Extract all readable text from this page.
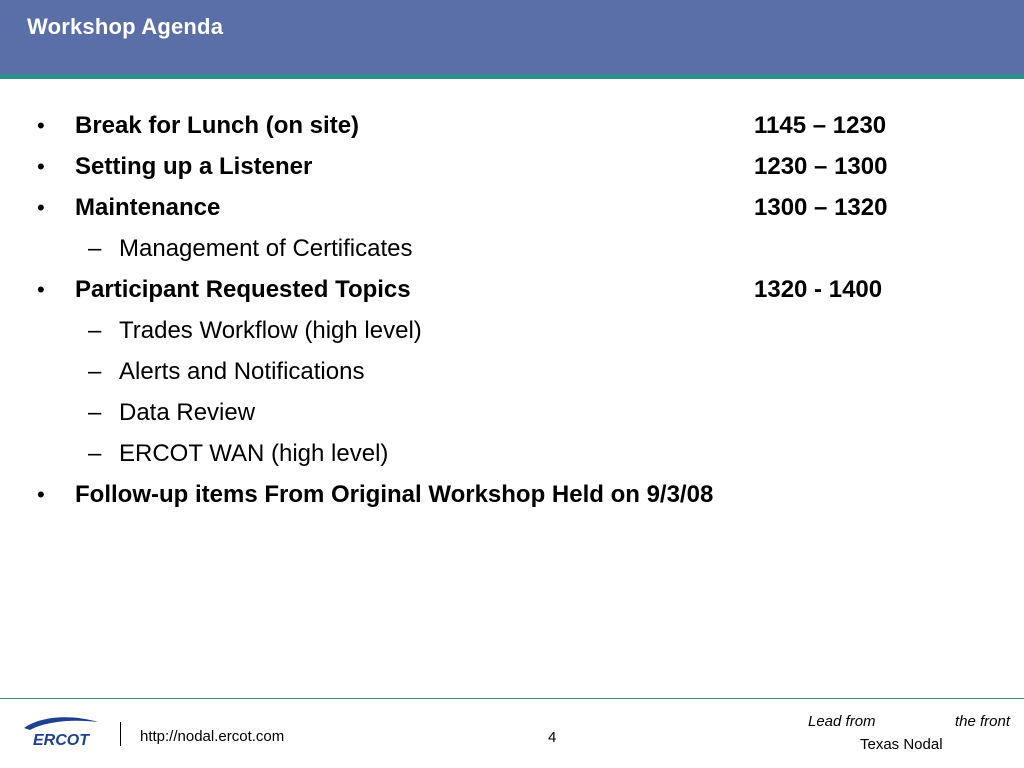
Workshop Agenda
• Break for Lunch (on site)	1145 – 1230
• Setting up a Listener	1230 – 1300
• Maintenance	1300 – 1320
– Management of Certificates
• Participant Requested Topics	1320 - 1400
– Trades Workflow (high level)
– Alerts and Notifications
– Data Review
– ERCOT WAN (high level)
• Follow-up items From Original Workshop Held on 9/3/08
ERCOT	http://nodal.ercot.com	4
Lead from	the front
Texas Nodal
